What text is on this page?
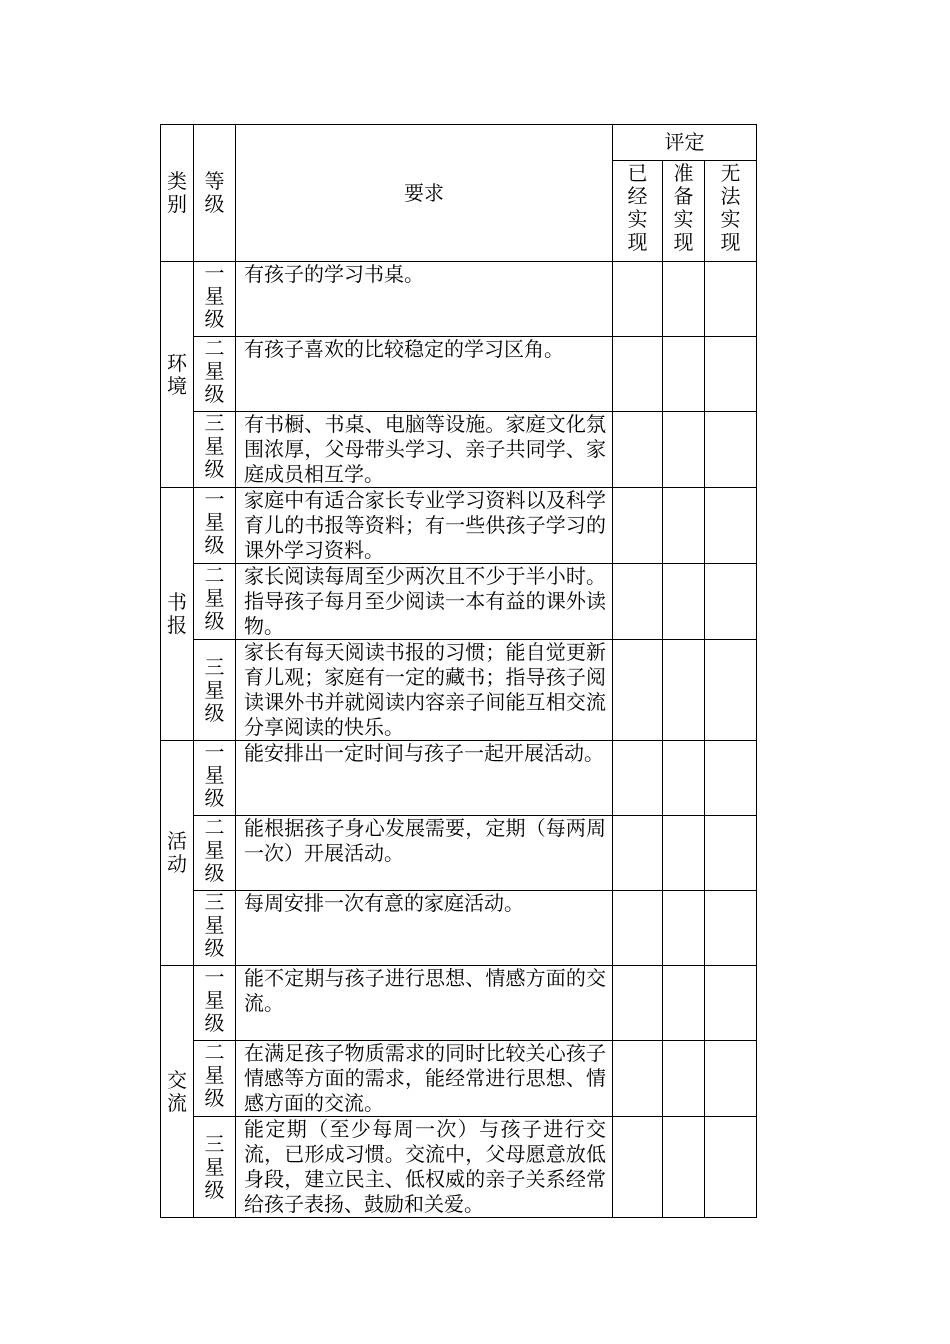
类别	等级	要求	评定		

			已经实现	准备实现	无法实现

环境	一星级	有孩子的学习书桌。			

	二星级	有孩子喜欢的比较稳定的学习区角。			

	三星级	有书橱、书桌、电脑等设施。家庭文化氛围浓厚，父母带头学习、亲子共同学、家庭成员相互学。			

书报	一星级	家庭中有适合家长专业学习资料以及科学育儿的书报等资料；有一些供孩子学习的课外学习资料。			

	二星级	家长阅读每周至少两次且不少于半小时。指导孩子每月至少阅读一本有益的课外读物。			

	三星级	家长有每天阅读书报的习惯；能自觉更新育儿观；家庭有一定的藏书；指导孩子阅读课外书并就阅读内容亲子间能互相交流分享阅读的快乐。			

活动	一星级	能安排出一定时间与孩子一起开展活动。			

	二星级	能根据孩子身心发展需要，定期（每两周一次）开展活动。			

	三星级	每周安排一次有意的家庭活动。			

交流	一星级	能不定期与孩子进行思想、情感方面的交流。			

	二星级	在满足孩子物质需求的同时比较关心孩子情感等方面的需求，能经常进行思想、情感方面的交流。			

	三星级	能定期（至少每周一次）与孩子进行交流，已形成习惯。交流中，父母愿意放低身段，建立民主、低权威的亲子关系经常给孩子表扬、鼓励和关爱。			
